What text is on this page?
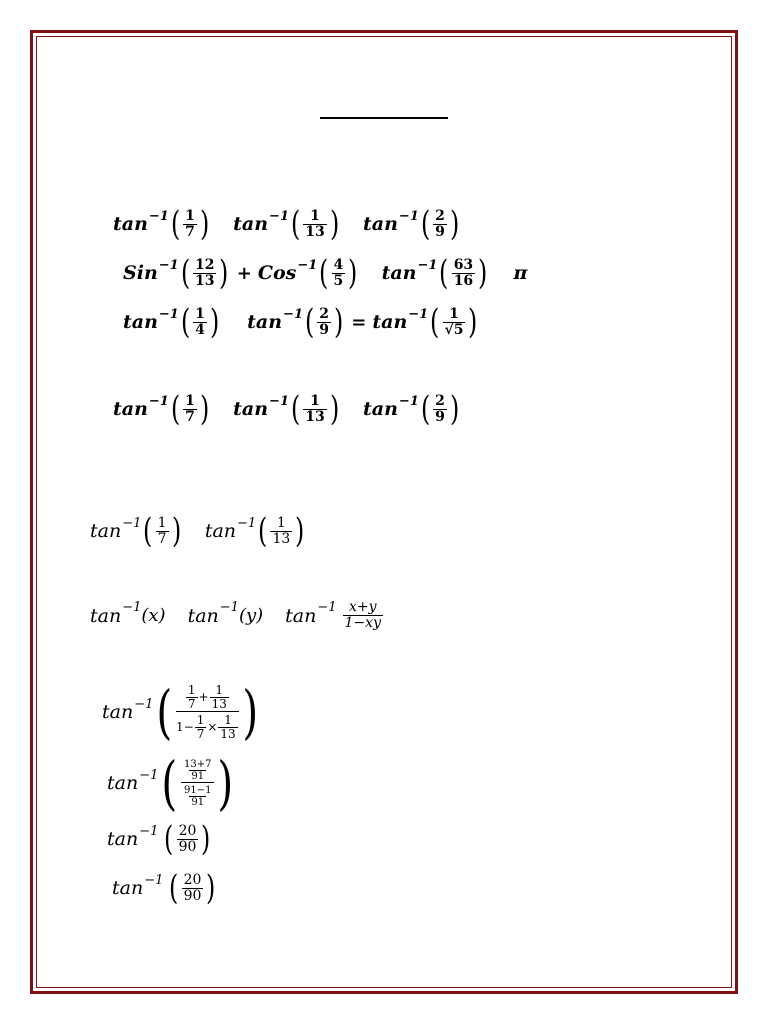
tan −1 ( $\frac{1}{7}$ ) tan −1 ( $\frac{1}{13}$ ) tan −1 ( $\frac{2}{9}$ )
Sin −1 ( $\frac{12}{13}$ ) + Cos −1 ( $\frac{4}{5}$ ) tan −1 ( $\frac{63}{16}$ ) π
tan −1 ( $\frac{1}{4}$ ) tan −1 ( $\frac{2}{9}$ ) = tan −1 ( $\frac{1}{√5}$ )
tan −1 ( $\frac{1}{7}$ ) tan −1 ( $\frac{1}{13}$ ) tan −1 ( $\frac{2}{9}$ )
tan −1 ( $\frac{1}{7}$ ) tan −1 ( $\frac{1}{13}$ )
tan −1 (x) tan −1 (y) $\tan -1 \frac{x+y}{1-xy}$
tan −1 ( $\frac{1}{7} + \frac{1}{13}$
$1- \frac{1}{7} \times \frac{1}{13}$ )
tan −1 ( $\frac{13+7}{91}$
$\frac{91-1}{91}$ )
tan −1 ( $\frac{20}{90}$ )
tan −1 ( $\frac{20}{90}$ )
